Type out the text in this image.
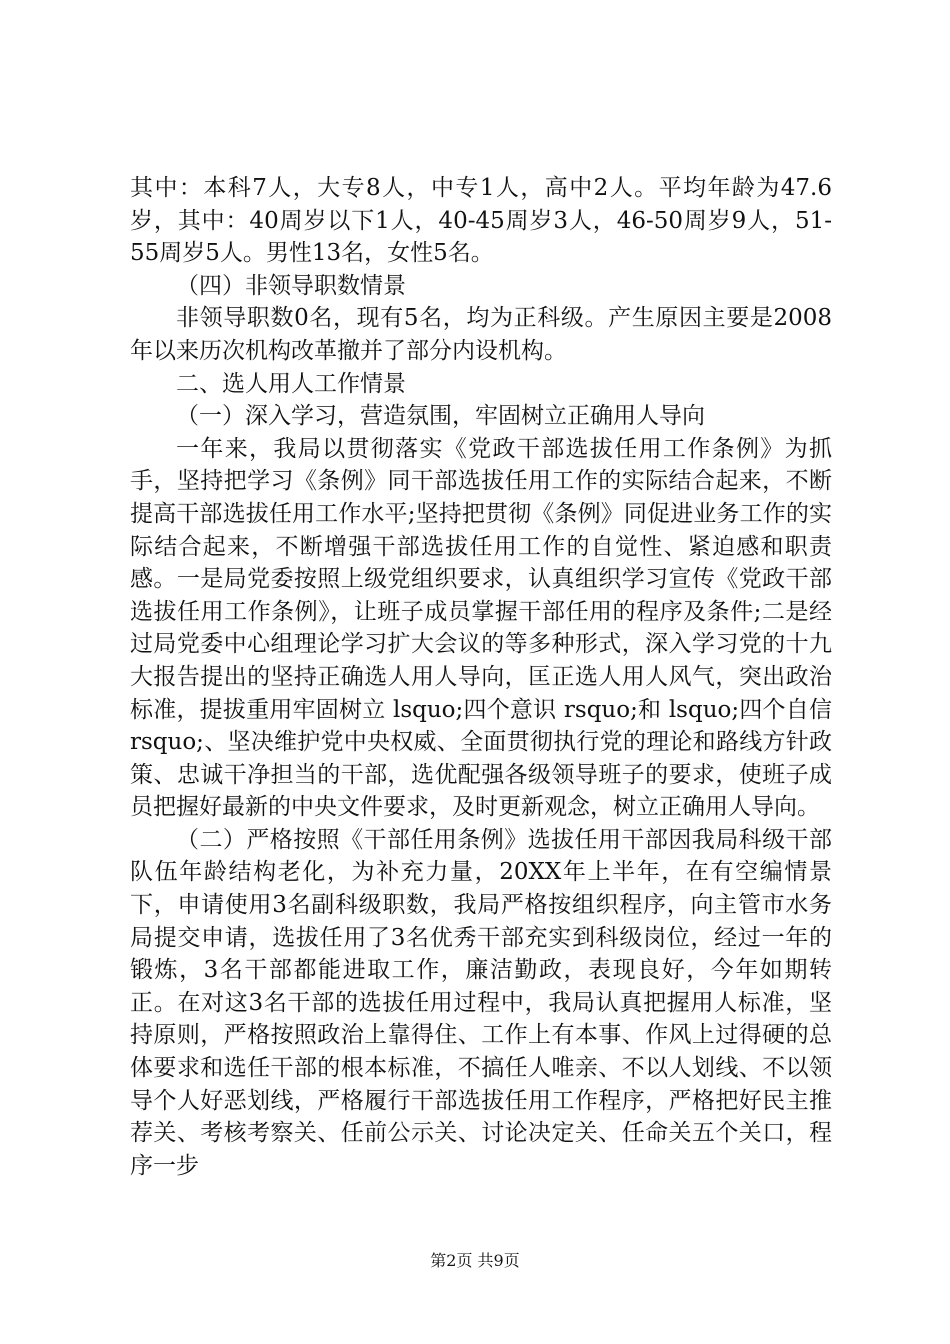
其中：本科7人，大专8人，中专1人，高中2人。平均年龄为47.6岁，其中：40周岁以下1人，40-45周岁3人，46-50周岁9人，51-55周岁5人。男性13名，女性5名。

（四）非领导职数情景

非领导职数0名，现有5名，均为正科级。产生原因主要是2008年以来历次机构改革撤并了部分内设机构。

二、选人用人工作情景

（一）深入学习，营造氛围，牢固树立正确用人导向

一年来，我局以贯彻落实《党政干部选拔任用工作条例》为抓手，坚持把学习《条例》同干部选拔任用工作的实际结合起来，不断提高干部选拔任用工作水平;坚持把贯彻《条例》同促进业务工作的实际结合起来，不断增强干部选拔任用工作的自觉性、紧迫感和职责感。一是局党委按照上级党组织要求，认真组织学习宣传《党政干部选拔任用工作条例》，让班子成员掌握干部任用的程序及条件;二是经过局党委中心组理论学习扩大会议的等多种形式，深入学习党的十九大报告提出的坚持正确选人用人导向，匡正选人用人风气，突出政治标准，提拔重用牢固树立 lsquo;四个意识 rsquo;和 lsquo;四个自信 rsquo;、坚决维护党中央权威、全面贯彻执行党的理论和路线方针政策、忠诚干净担当的干部，选优配强各级领导班子的要求，使班子成员把握好最新的中央文件要求，及时更新观念，树立正确用人导向。

（二）严格按照《干部任用条例》选拔任用干部因我局科级干部队伍年龄结构老化，为补充力量，20XX年上半年，在有空编情景下，申请使用3名副科级职数，我局严格按组织程序，向主管市水务局提交申请，选拔任用了3名优秀干部充实到科级岗位，经过一年的锻炼，3名干部都能进取工作，廉洁勤政，表现良好，今年如期转正。在对这3名干部的选拔任用过程中，我局认真把握用人标准，坚持原则，严格按照政治上靠得住、工作上有本事、作风上过得硬的总体要求和选任干部的根本标准，不搞任人唯亲、不以人划线、不以领导个人好恶划线，严格履行干部选拔任用工作程序，严格把好民主推荐关、考核考察关、任前公示关、讨论决定关、任命关五个关口，程序一步

第2页 共9页
